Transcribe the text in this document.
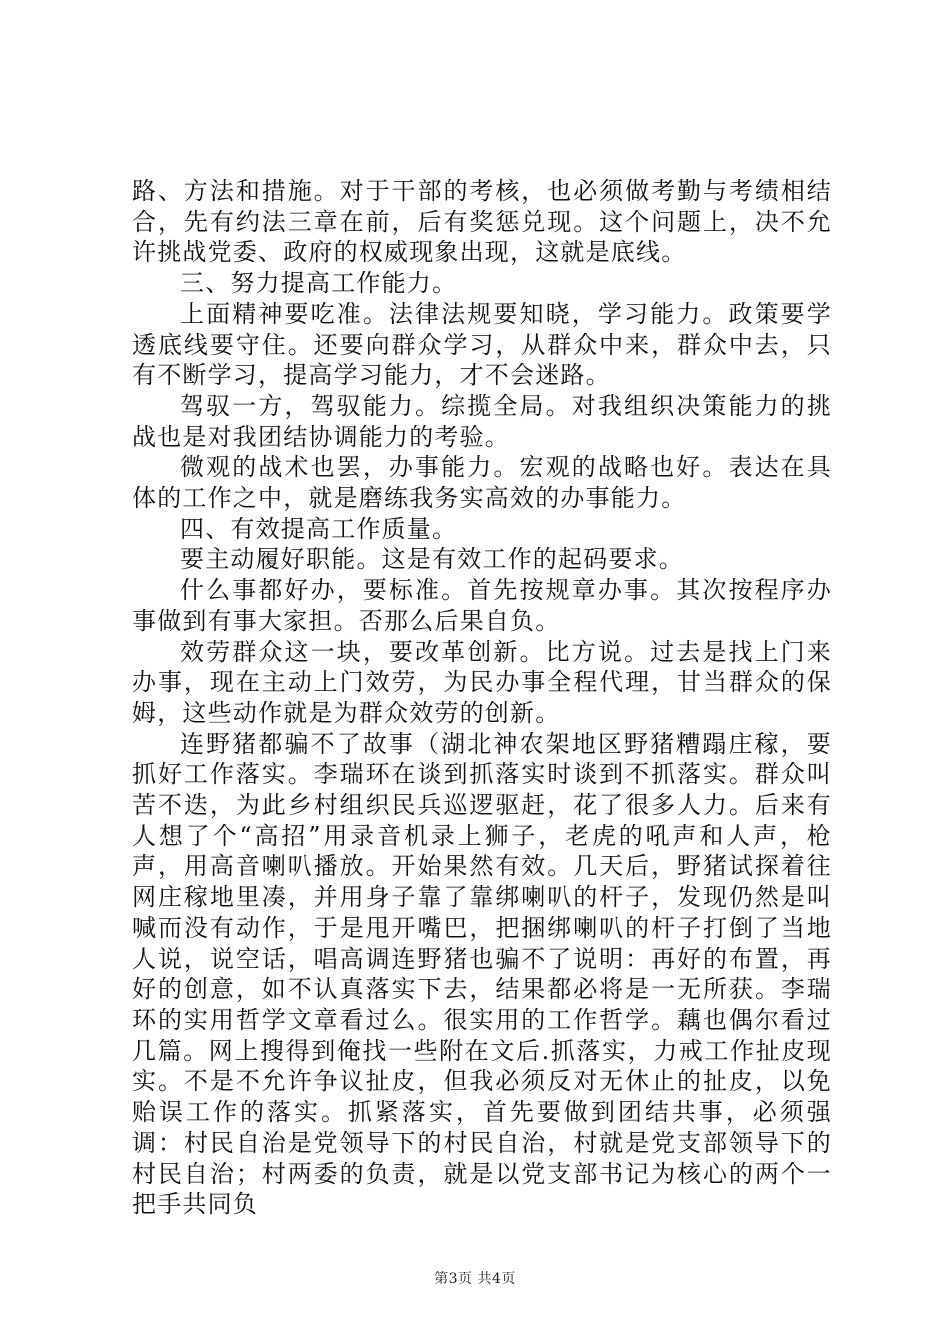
路、方法和措施。对于干部的考核，也必须做考勤与考绩相结合，先有约法三章在前，后有奖惩兑现。这个问题上，决不允许挑战党委、政府的权威现象出现，这就是底线。

三、努力提高工作能力。

上面精神要吃准。法律法规要知晓，学习能力。政策要学透底线要守住。还要向群众学习，从群众中来，群众中去，只有不断学习，提高学习能力，才不会迷路。

驾驭一方，驾驭能力。综揽全局。对我组织决策能力的挑战也是对我团结协调能力的考验。

微观的战术也罢，办事能力。宏观的战略也好。表达在具体的工作之中，就是磨练我务实高效的办事能力。

四、有效提高工作质量。

要主动履好职能。这是有效工作的起码要求。

什么事都好办，要标准。首先按规章办事。其次按程序办事做到有事大家担。否那么后果自负。

效劳群众这一块，要改革创新。比方说。过去是找上门来办事，现在主动上门效劳，为民办事全程代理，甘当群众的保姆，这些动作就是为群众效劳的创新。

连野猪都骗不了故事（湖北神农架地区野猪糟蹋庄稼，要抓好工作落实。李瑞环在谈到抓落实时谈到不抓落实。群众叫苦不迭，为此乡村组织民兵巡逻驱赶，花了很多人力。后来有人想了个“高招”用录音机录上狮子，老虎的吼声和人声，枪声，用高音喇叭播放。开始果然有效。几天后，野猪试探着往网庄稼地里凑，并用身子靠了靠绑喇叭的杆子，发现仍然是叫喊而没有动作，于是甩开嘴巴，把捆绑喇叭的杆子打倒了当地人说，说空话，唱高调连野猪也骗不了说明：再好的布置，再好的创意，如不认真落实下去，结果都必将是一无所获。李瑞环的实用哲学文章看过么。很实用的工作哲学。藕也偶尔看过几篇。网上搜得到俺找一些附在文后.抓落实，力戒工作扯皮现实。不是不允许争议扯皮，但我必须反对无休止的扯皮，以免贻误工作的落实。抓紧落实，首先要做到团结共事，必须强调：村民自治是党领导下的村民自治，村就是党支部领导下的村民自治；村两委的负责，就是以党支部书记为核心的两个一把手共同负

第3页 共4页
